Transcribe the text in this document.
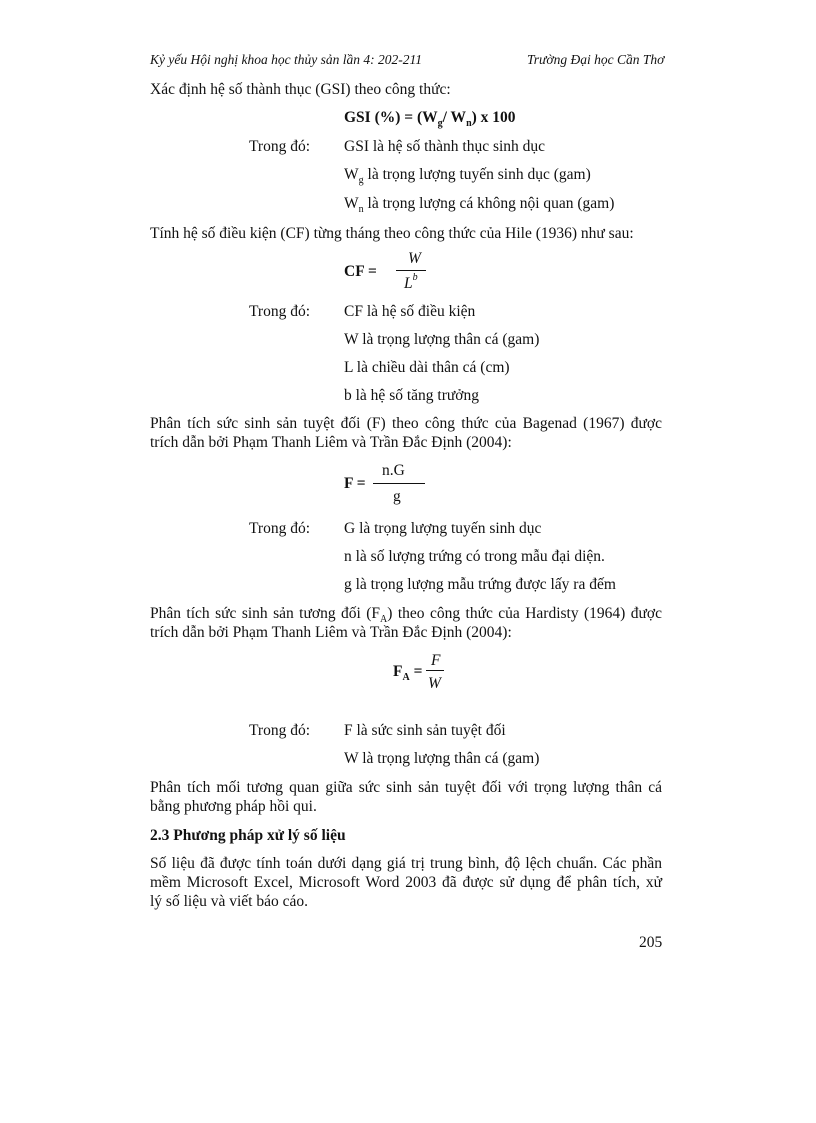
Kỷ yếu Hội nghị khoa học thủy sản lần 4: 202-211	Trường Đại học Cần Thơ
Xác định hệ số thành thục (GSI) theo công thức:
GSI (%) = ($W_g/$ $W_n$) x 100
Trong đó: GSI là hệ số thành thục sinh dục
$W_g$ là trọng lượng tuyến sinh dục (gam)
$W_n$ là trọng lượng cá không nội quan (gam)
Tính hệ số điều kiện (CF) từng tháng theo công thức của Hile (1936) như sau:
CF =
W
$L^b$
Trong đó: CF là hệ số điều kiện
W là trọng lượng thân cá (gam)
L là chiều dài thân cá (cm)
b là hệ số tăng trưởng
Phân tích sức sinh sản tuyệt đối (F) theo công thức của Bagenad (1967) được
trích dẫn bởi Phạm Thanh Liêm và Trần Đắc Định (2004):
F =
n.G
g
Trong đó: G là trọng lượng tuyến sinh dục
n là số lượng trứng có trong mẫu đại diện.
g là trọng lượng mẫu trứng được lấy ra đếm
Phân tích sức sinh sản tương đối $(F_A)$ theo công thức của Hardisty (1964) được
trích dẫn bởi Phạm Thanh Liêm và Trần Đắc Định (2004):
$F_A$ =
F
W
Trong đó: F là sức sinh sản tuyệt đối
W là trọng lượng thân cá (gam)
Phân tích mối tương quan giữa sức sinh sản tuyệt đối với trọng lượng thân cá
bằng phương pháp hồi qui.
2.3 Phương pháp xử lý số liệu
Số liệu đã được tính toán dưới dạng giá trị trung bình, độ lệch chuẩn. Các phần
mềm Microsoft Excel, Microsoft Word 2003 đã được sử dụng để phân tích, xử
lý số liệu và viết báo cáo.
205
